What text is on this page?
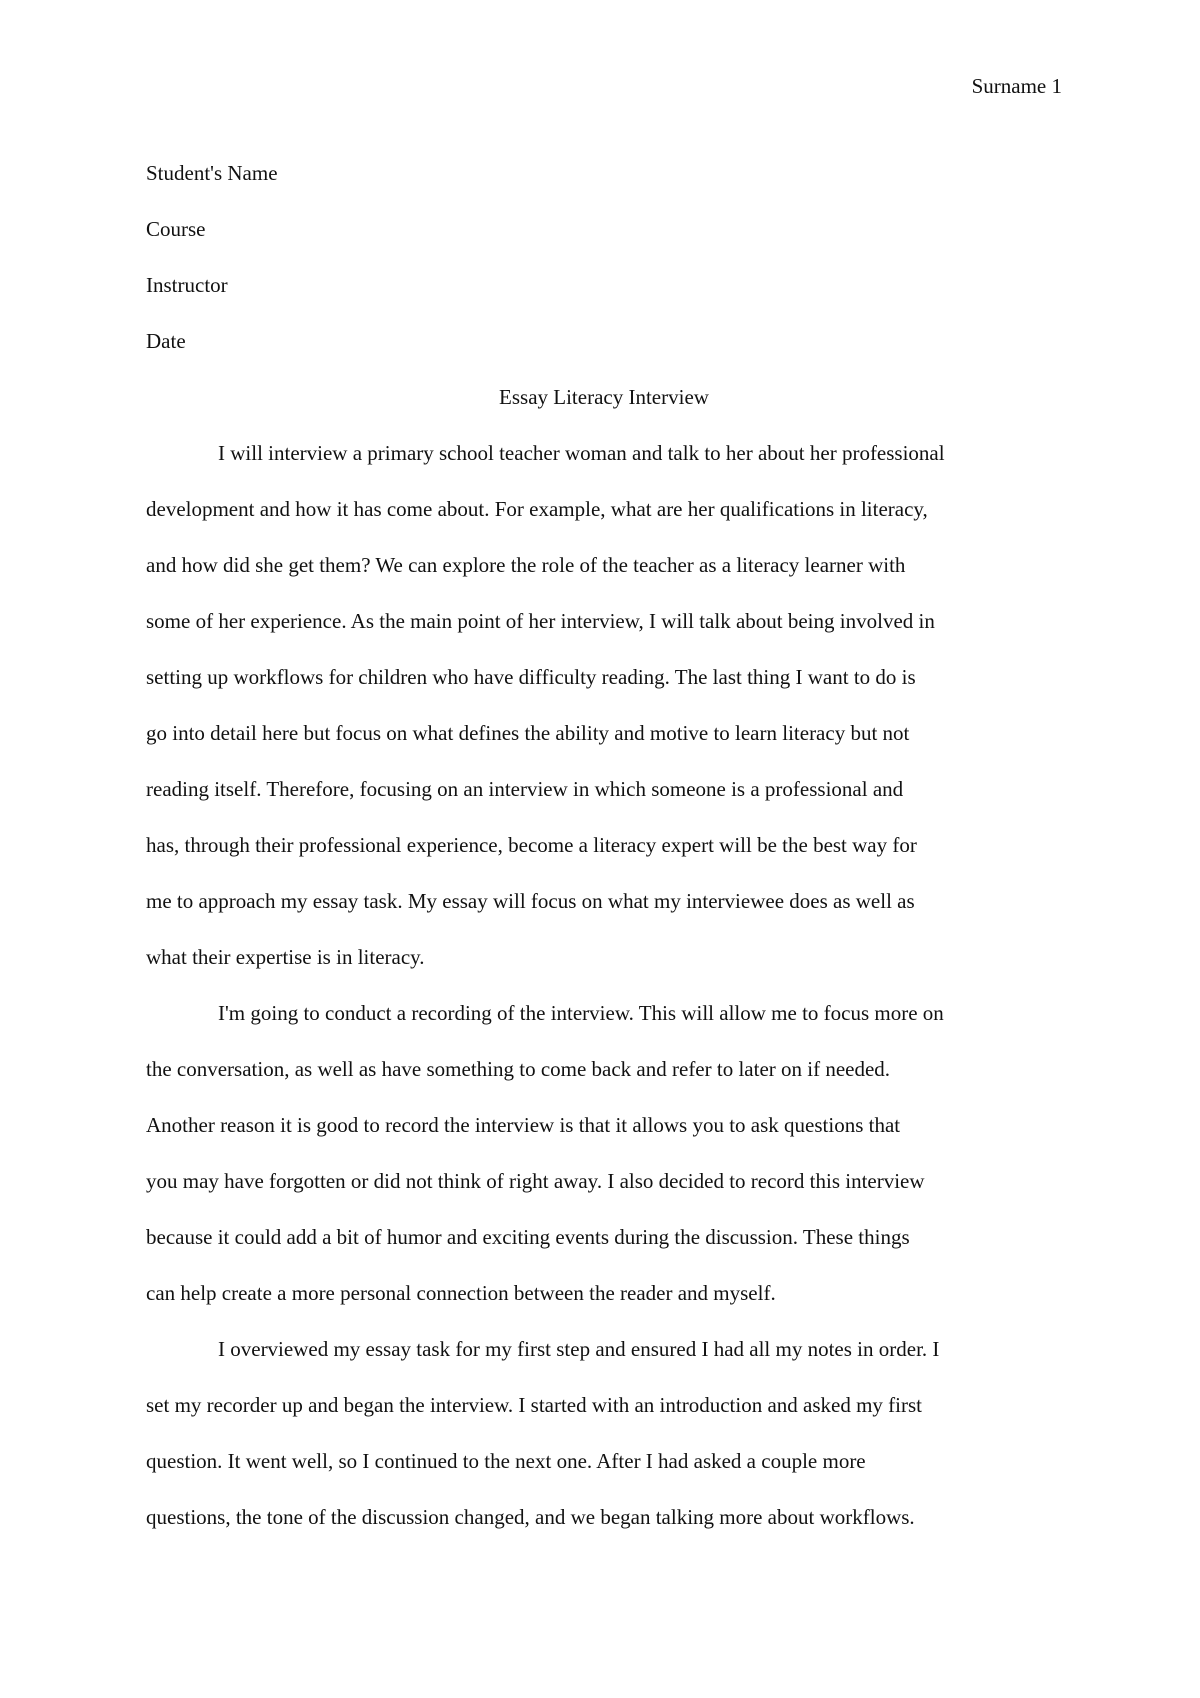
Surname 1
Student's Name
Course
Instructor
Date
Essay Literacy Interview
I will interview a primary school teacher woman and talk to her about her professional
development and how it has come about. For example, what are her qualifications in literacy,
and how did she get them? We can explore the role of the teacher as a literacy learner with
some of her experience. As the main point of her interview, I will talk about being involved in
setting up workflows for children who have difficulty reading. The last thing I want to do is
go into detail here but focus on what defines the ability and motive to learn literacy but not
reading itself. Therefore, focusing on an interview in which someone is a professional and
has, through their professional experience, become a literacy expert will be the best way for
me to approach my essay task. My essay will focus on what my interviewee does as well as
what their expertise is in literacy.
I'm going to conduct a recording of the interview. This will allow me to focus more on
the conversation, as well as have something to come back and refer to later on if needed.
Another reason it is good to record the interview is that it allows you to ask questions that
you may have forgotten or did not think of right away. I also decided to record this interview
because it could add a bit of humor and exciting events during the discussion. These things
can help create a more personal connection between the reader and myself.
I overviewed my essay task for my first step and ensured I had all my notes in order. I
set my recorder up and began the interview. I started with an introduction and asked my first
question. It went well, so I continued to the next one. After I had asked a couple more
questions, the tone of the discussion changed, and we began talking more about workflows.
